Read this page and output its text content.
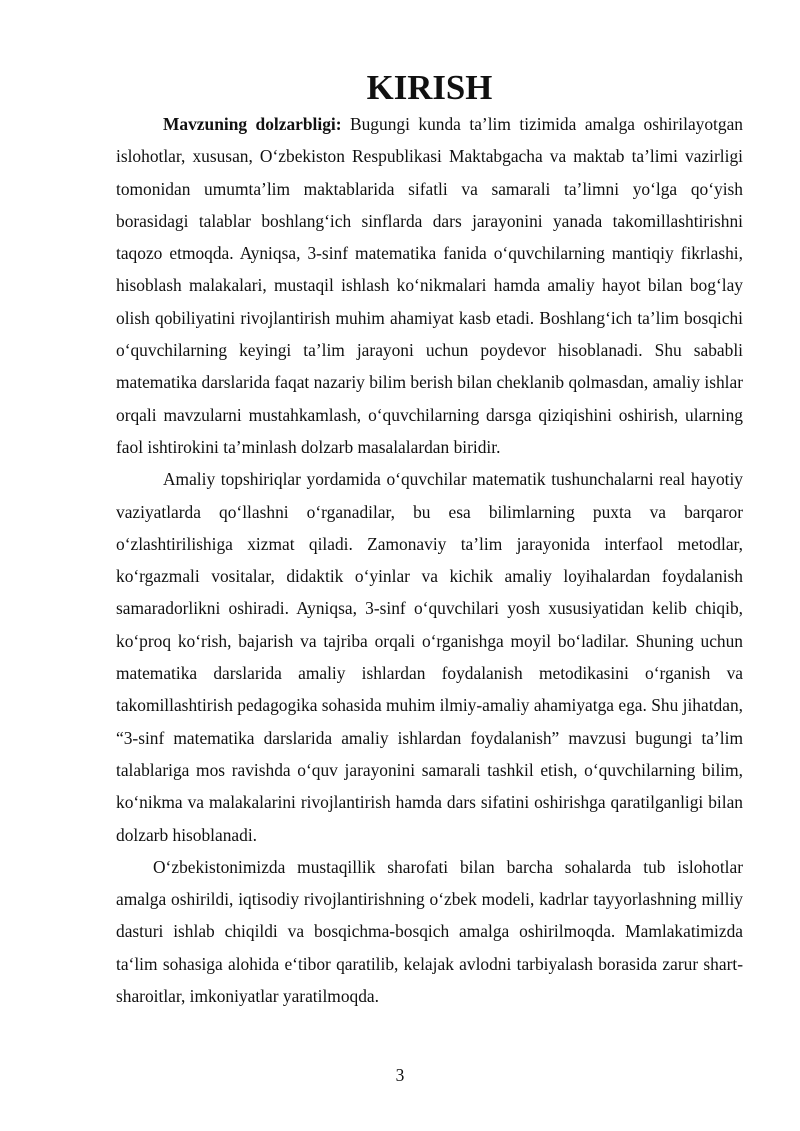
KIRISH

Mavzuning dolzarbligi: Bugungi kunda ta’lim tizimida amalga oshirilayotgan islohotlar, xususan, O‘zbekiston Respublikasi Maktabgacha va maktab ta’limi vazirligi tomonidan umumta’lim maktablarida sifatli va samarali ta’limni yo‘lga qo‘yish borasidagi talablar boshlang‘ich sinflarda dars jarayonini yanada takomillashtirishni taqozo etmoqda. Ayniqsa, 3-sinf matematika fanida o‘quvchilarning mantiqiy fikrlashi, hisoblash malakalari, mustaqil ishlash ko‘nikmalari hamda amaliy hayot bilan bog‘lay olish qobiliyatini rivojlantirish muhim ahamiyat kasb etadi. Boshlang‘ich ta’lim bosqichi o‘quvchilarning keyingi ta’lim jarayoni uchun poydevor hisoblanadi. Shu sababli matematika darslarida faqat nazariy bilim berish bilan cheklanib qolmasdan, amaliy ishlar orqali mavzularni mustahkamlash, o‘quvchilarning darsga qiziqishini oshirish, ularning faol ishtirokini ta’minlash dolzarb masalalardan biridir.

Amaliy topshiriqlar yordamida o‘quvchilar matematik tushunchalarni real hayotiy vaziyatlarda qo‘llashni o‘rganadilar, bu esa bilimlarning puxta va barqaror o‘zlashtirilishiga xizmat qiladi. Zamonaviy ta’lim jarayonida interfaol metodlar, ko‘rgazmali vositalar, didaktik o‘yinlar va kichik amaliy loyihalardan foydalanish samaradorlikni oshiradi. Ayniqsa, 3-sinf o‘quvchilari yosh xususiyatidan kelib chiqib, ko‘proq ko‘rish, bajarish va tajriba orqali o‘rganishga moyil bo‘ladilar. Shuning uchun matematika darslarida amaliy ishlardan foydalanish metodikasini o‘rganish va takomillashtirish pedagogika sohasida muhim ilmiy-amaliy ahamiyatga ega. Shu jihatdan, “3-sinf matematika darslarida amaliy ishlardan foydalanish” mavzusi bugungi ta’lim talablariga mos ravishda o‘quv jarayonini samarali tashkil etish, o‘quvchilarning bilim, ko‘nikma va malakalarini rivojlantirish hamda dars sifatini oshirishga qaratilganligi bilan dolzarb hisoblanadi.

O‘zbekistonimizda mustaqillik sharofati bilan barcha sohalarda tub islohotlar amalga oshirildi, iqtisodiy rivojlantirishning o‘zbek modeli, kadrlar tayyorlashning milliy dasturi ishlab chiqildi va bosqichma-bosqich amalga oshirilmoqda. Mamlakatimizda ta‘lim sohasiga alohida e‘tibor qaratilib, kelajak avlodni tarbiyalash borasida zarur shart-sharoitlar, imkoniyatlar yaratilmoqda.

3
